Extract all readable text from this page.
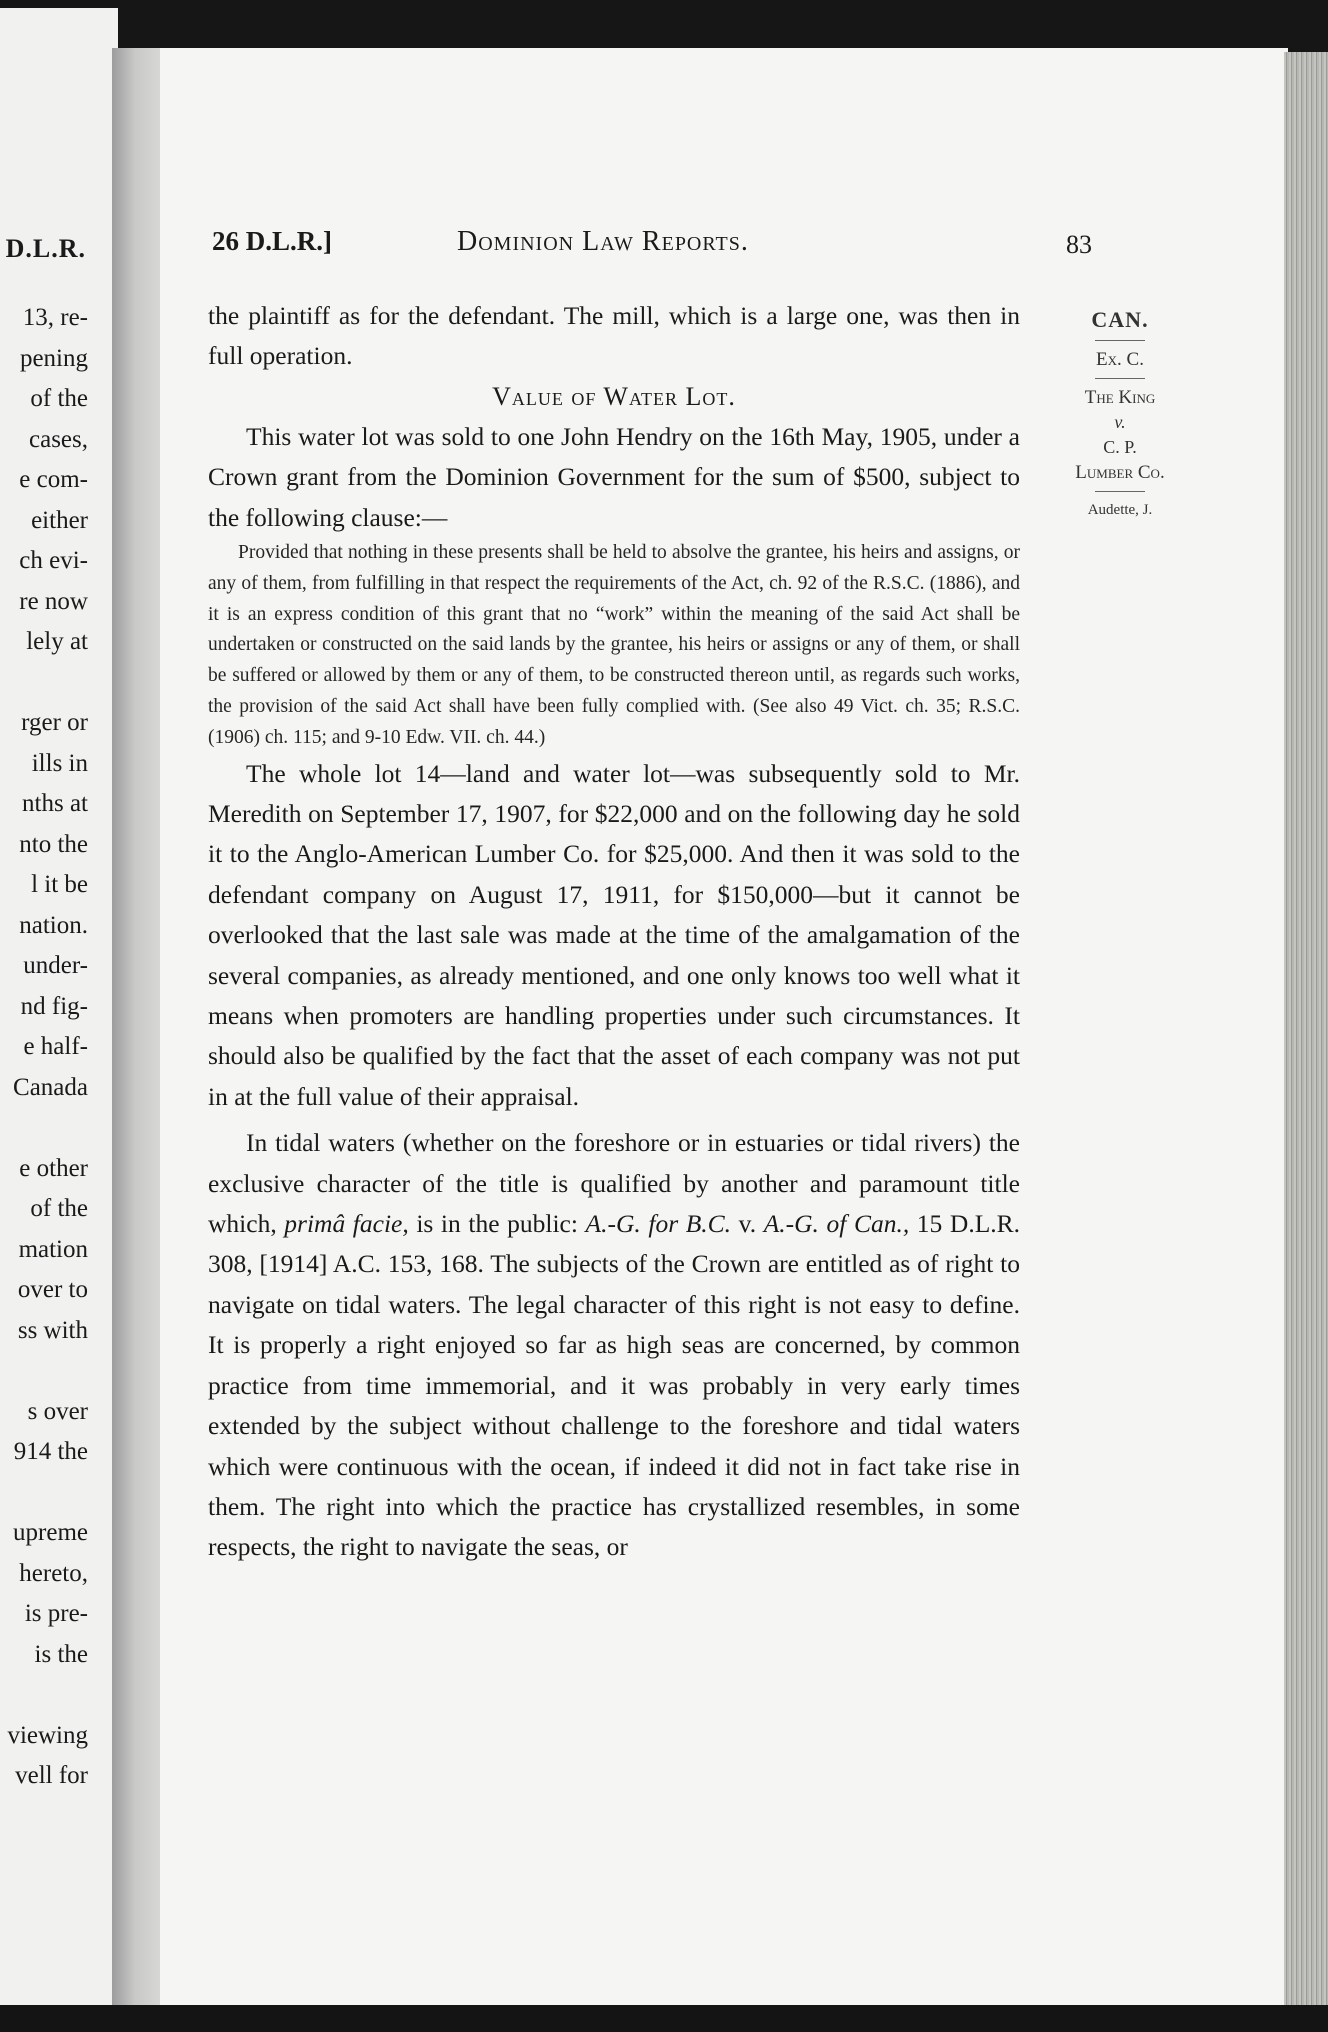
D.L.R.
13, re-
pening
of the
cases,
e com-
either
ch evi-
re now
lely at
rger or
ills in
nths at
nto the
l it be
nation.
under-
nd fig-
e half-
Canada
e other
of the
mation
over to
ss with
s over
914 the
upreme
hereto,
is pre-
is the
viewing
vell for
26 D.L.R.]	Dominion Law Reports.	83
CAN.
Ex. C.
The King
v.
C. P.
Lumber Co.
Audette, J.

the plaintiff as for the defendant. The mill, which is a large one, was then in full operation.

Value of Water Lot.

This water lot was sold to one John Hendry on the 16th May, 1905, under a Crown grant from the Dominion Government for the sum of $500, subject to the following clause:—

Provided that nothing in these presents shall be held to absolve the grantee, his heirs and assigns, or any of them, from fulfilling in that respect the requirements of the Act, ch. 92 of the R.S.C. (1886), and it is an express condition of this grant that no “work” within the meaning of the said Act shall be undertaken or constructed on the said lands by the grantee, his heirs or assigns or any of them, or shall be suffered or allowed by them or any of them, to be constructed thereon until, as regards such works, the provision of the said Act shall have been fully complied with. (See also 49 Vict. ch. 35; R.S.C. (1906) ch. 115; and 9-10 Edw. VII. ch. 44.)

The whole lot 14—land and water lot—was subsequently sold to Mr. Meredith on September 17, 1907, for $22,000 and on the following day he sold it to the Anglo-American Lumber Co. for $25,000. And then it was sold to the defendant company on August 17, 1911, for $150,000—but it cannot be overlooked that the last sale was made at the time of the amalgamation of the several companies, as already mentioned, and one only knows too well what it means when promoters are handling properties under such circumstances. It should also be qualified by the fact that the asset of each company was not put in at the full value of their appraisal.

In tidal waters (whether on the foreshore or in estuaries or tidal rivers) the exclusive character of the title is qualified by another and paramount title which, primâ facie, is in the public: A.-G. for B.C. v. A.-G. of Can., 15 D.L.R. 308, [1914] A.C. 153, 168. The subjects of the Crown are entitled as of right to navigate on tidal waters. The legal character of this right is not easy to define. It is properly a right enjoyed so far as high seas are concerned, by common practice from time immemorial, and it was probably in very early times extended by the subject without challenge to the foreshore and tidal waters which were continuous with the ocean, if indeed it did not in fact take rise in them. The right into which the practice has crystallized resembles, in some respects, the right to navigate the seas, or
